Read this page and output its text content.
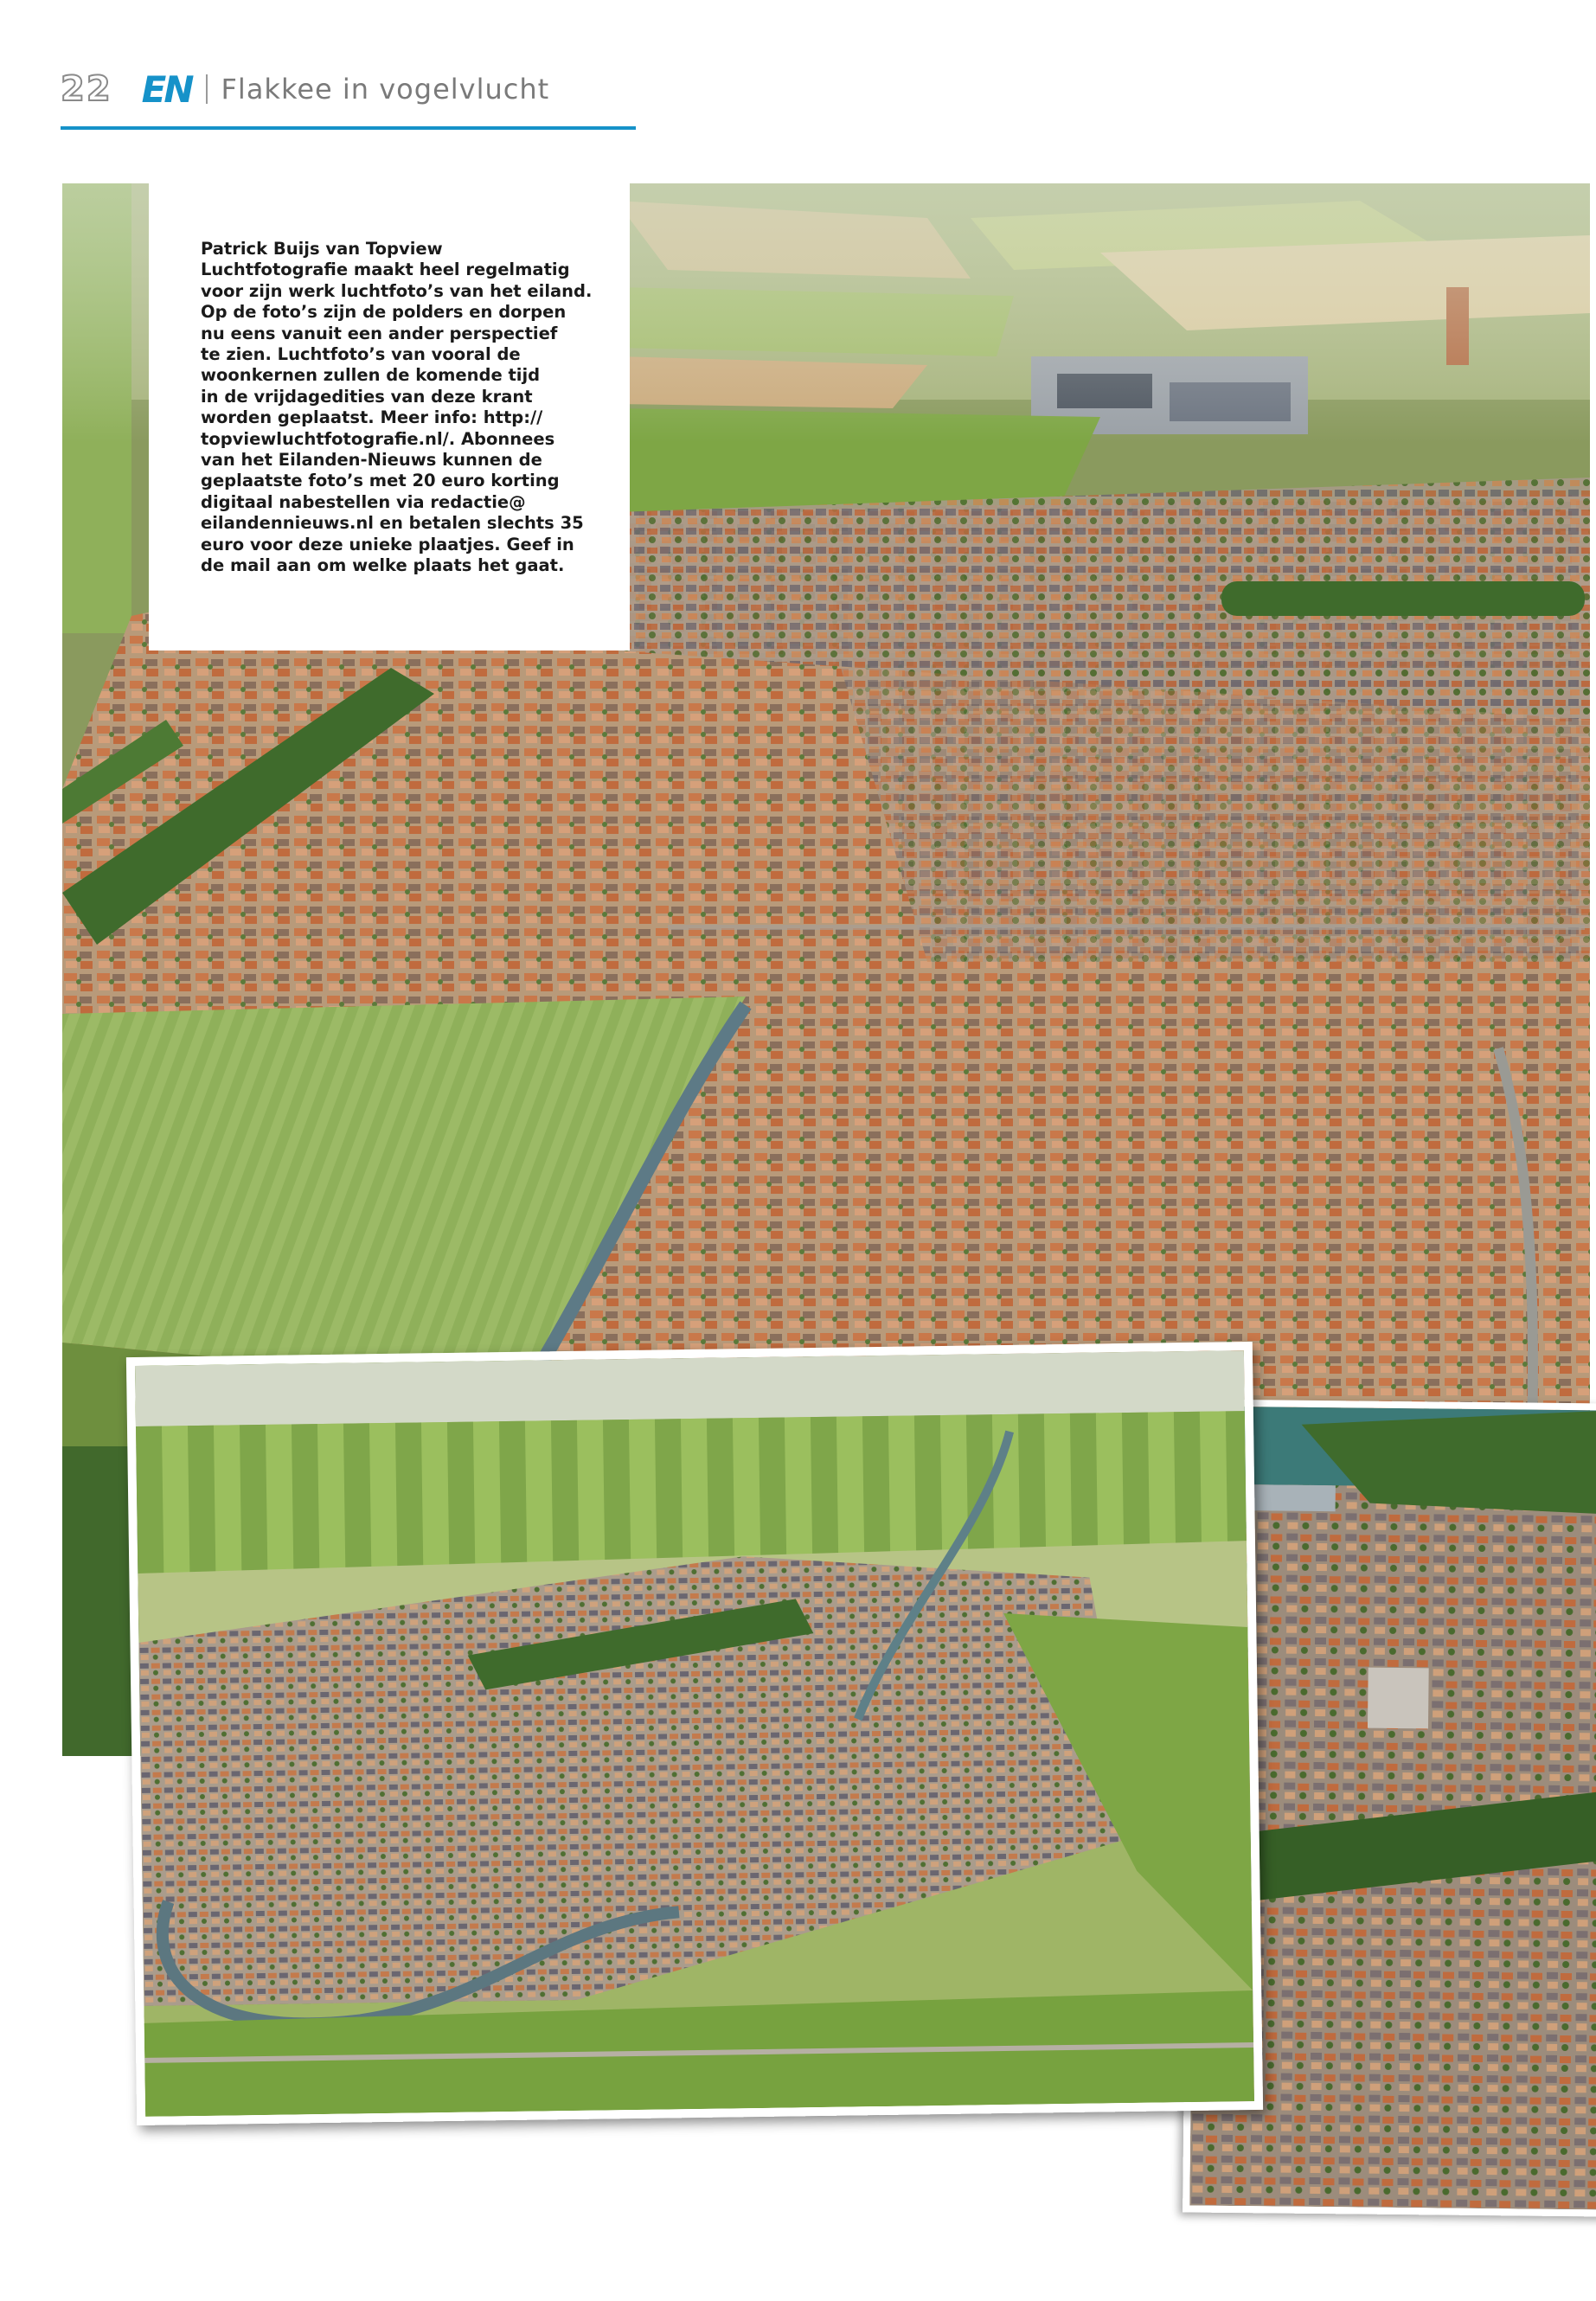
22 EN Flakkee in vogelvlucht

Patrick Buijs van Topview
Luchtfotografie maakt heel regelmatig
voor zijn werk luchtfoto’s van het eiland.
Op de foto’s zijn de polders en dorpen
nu eens vanuit een ander perspectief
te zien. Luchtfoto’s van vooral de
woonkernen zullen de komende tijd
in de vrijdagedities van deze krant
worden geplaatst. Meer info: http://
topviewluchtfotografie.nl/. Abonnees
van het Eilanden-Nieuws kunnen de
geplaatste foto’s met 20 euro korting
digitaal nabestellen via redactie@
eilandennieuws.nl en betalen slechts 35
euro voor deze unieke plaatjes. Geef in
de mail aan om welke plaats het gaat.
